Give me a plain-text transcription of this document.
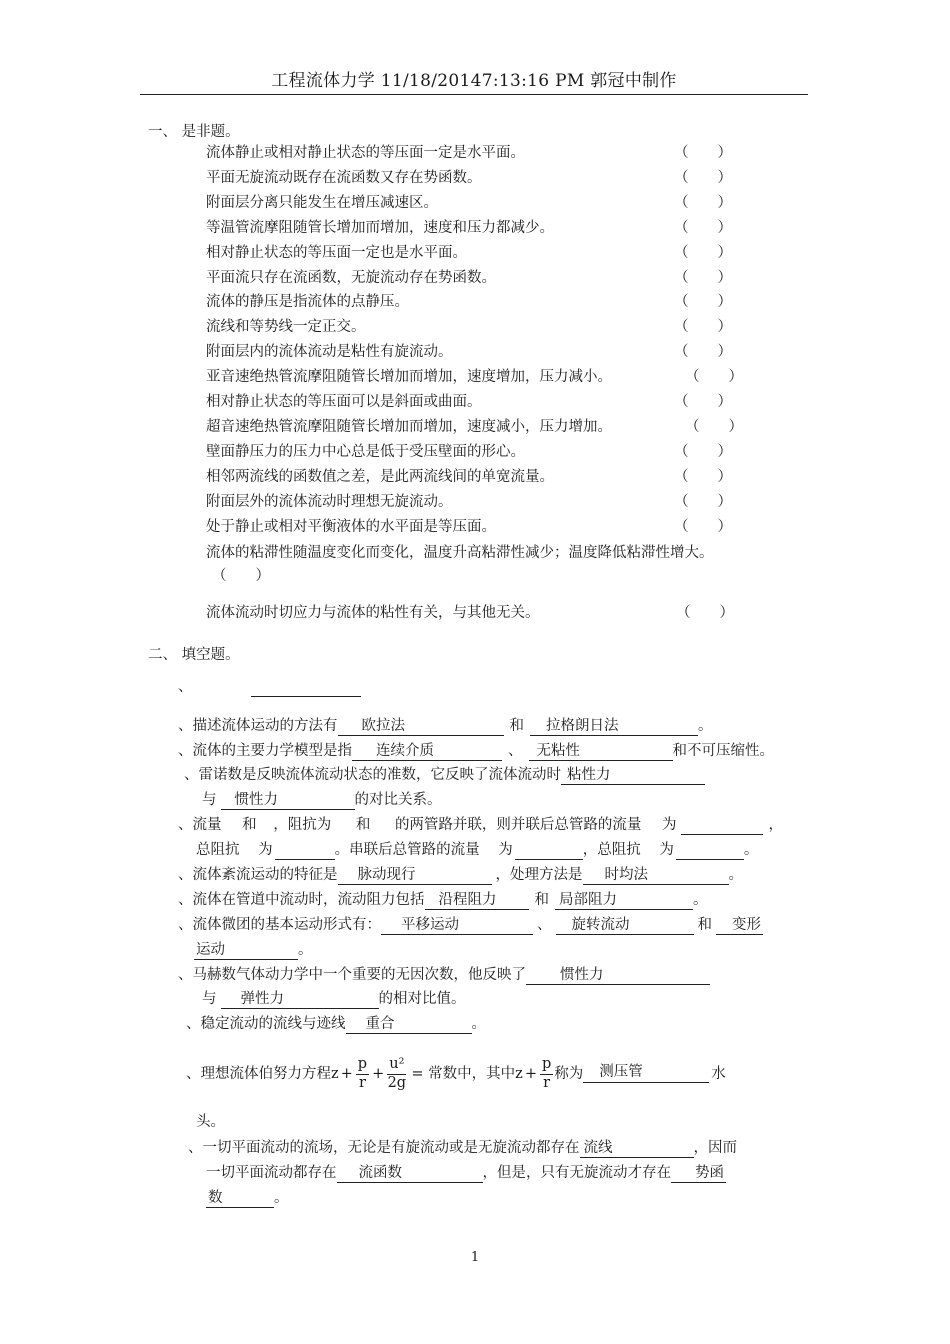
工程流体力学 11/18/20147:13:16 PM 郭冠中制作
一、 是非题。
流体静止或相对静止状态的等压面一定是水平面。	（　　）
平面无旋流动既存在流函数又存在势函数。	（　　）
附面层分离只能发生在增压减速区。	（　　）
等温管流摩阻随管长增加而增加，速度和压力都减少。	（　　）
相对静止状态的等压面一定也是水平面。	（　　）
平面流只存在流函数，无旋流动存在势函数。	（　　）
流体的静压是指流体的点静压。	（　　）
流线和等势线一定正交。	（　　）
附面层内的流体流动是粘性有旋流动。	（　　）
亚音速绝热管流摩阻随管长增加而增加，速度增加，压力减小。	（　　）
相对静止状态的等压面可以是斜面或曲面。	（　　）
超音速绝热管流摩阻随管长增加而增加，速度减小，压力增加。	（　　）
壁面静压力的压力中心总是低于受压壁面的形心。	（　　）
相邻两流线的函数值之差，是此两流线间的单宽流量。	（　　）
附面层外的流体流动时理想无旋流动。	（　　）
处于静止或相对平衡液体的水平面是等压面。	（　　）
流体的粘滞性随温度变化而变化，温度升高粘滞性减少；温度降低粘滞性增大。
（　　）
流体流动时切应力与流体的粘性有关，与其他无关。	（　　）
二、 填空题。
、
、描述流体运动的方法有 欧拉法	和 拉格朗日法	。
、流体的主要力学模型是指 连续介质	、 无粘性	和不可压缩性。
、雷诺数是反映流体流动状态的准数，它反映了流体流动时 粘性力
与 惯性力	的对比关系。
、流量 和 ，阻抗为 和 的两管路并联，则并联后总管路的流量 为	，
总阻抗 为	。串联后总管路的流量 为	，总阻抗 为	。
、流体紊流运动的特征是 脉动现行	，处理方法是 时均法	。
、流体在管道中流动时，流动阻力包括 沿程阻力	和 局部阻力	。
、流体微团的基本运动形式有： 平移运动	、 旋转流动	和 变形
运动	。
、马赫数气体动力学中一个重要的无因次数，他反映了 惯性力
与 弹性力	的相对比值。
、稳定流动的流线与迹线 重合	。
、理想流体伯努力方程 $z + \frac{p}{r} + \frac{\text{u²}}{2g}$ = 常数中，其中 $z + \frac{p}{r}$ 称为	测压管	水
头。
、一切平面流动的流场，无论是有旋流动或是无旋流动都存在 流线	，因而
一切平面流动都存在 流函数	，但是，只有无旋流动才存在 势函
数	。
1
